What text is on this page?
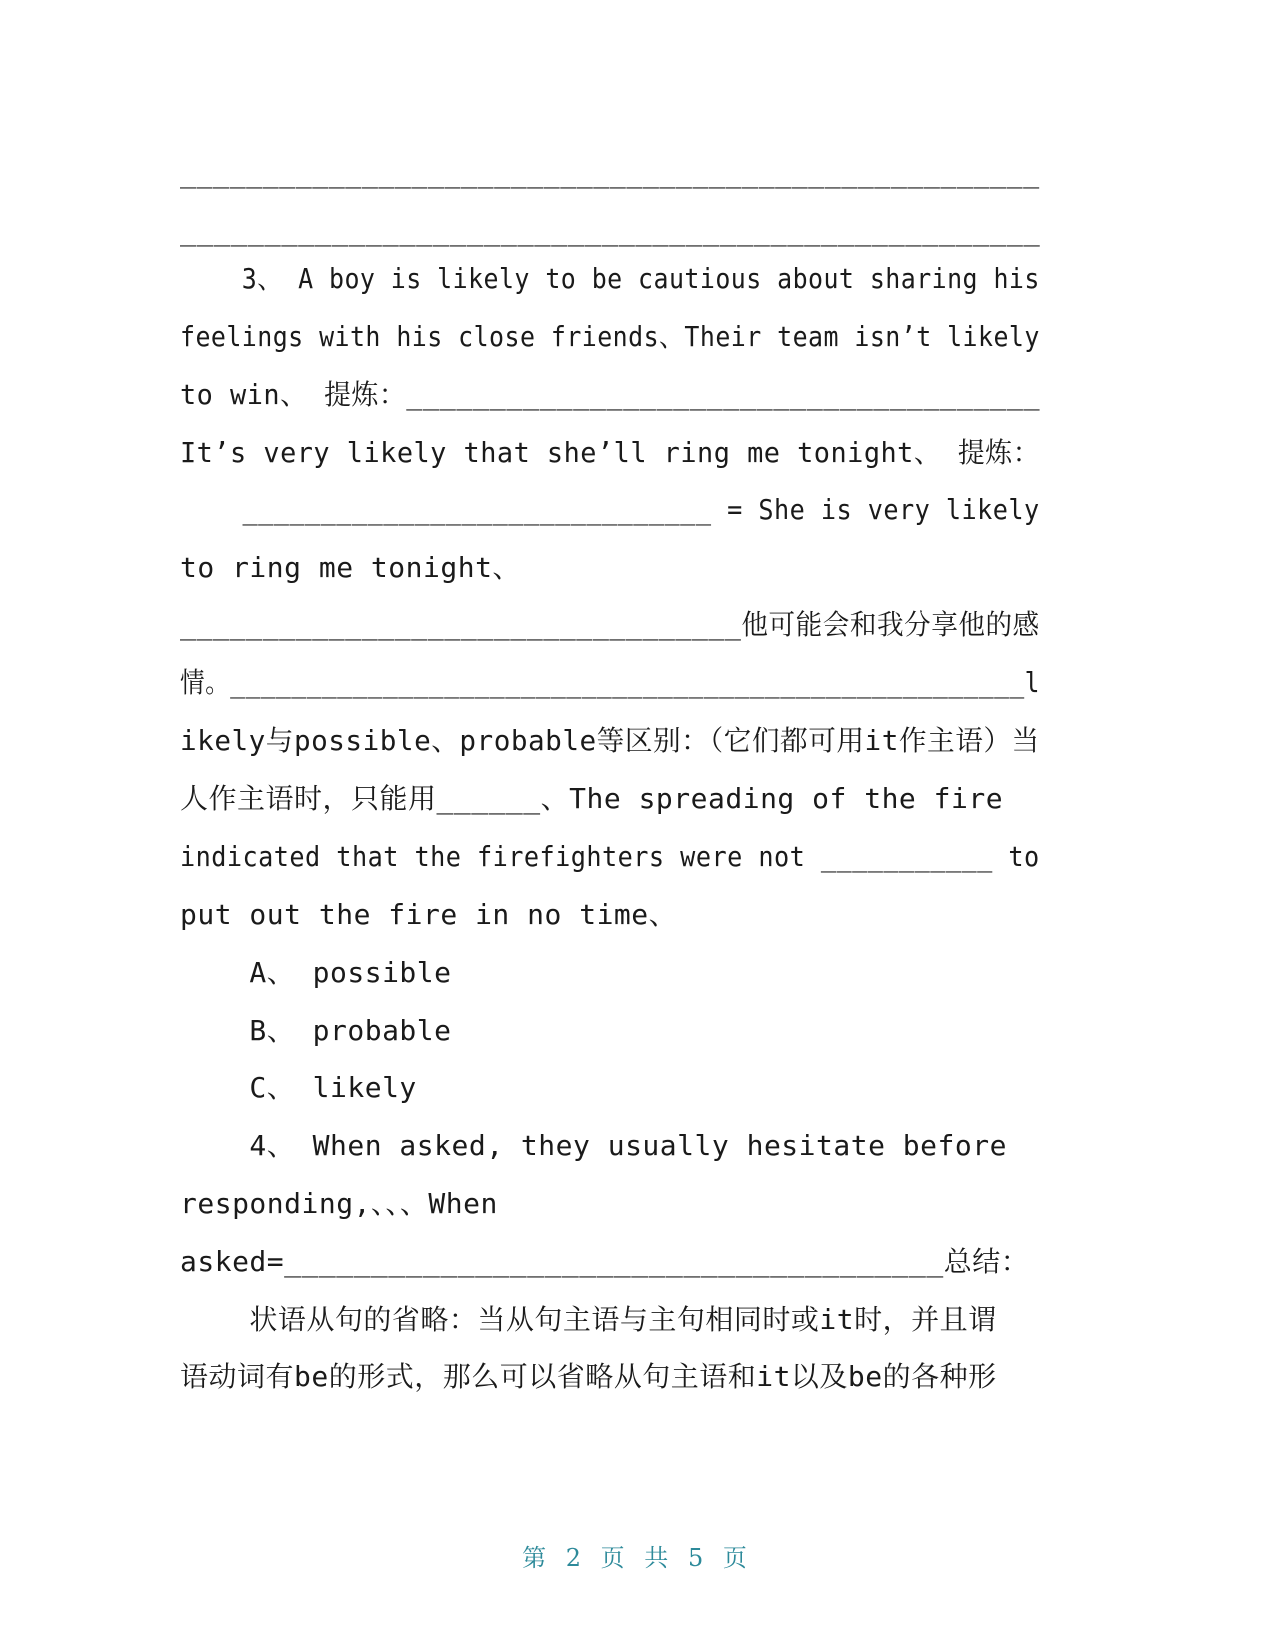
____________________________________________________
___________________________________________________
3、 A boy is likely to be cautious about sharing his
feelings with his close friends、Their team isn’t likely
to win、 提炼：______________________________________
It’s very likely that she’ll ring me tonight、 提炼：
______________________________ = She is very likely
to ring me tonight、
__________________________________他可能会和我分享他的感
情。____________________________________________________l
ikely与possible、probable等区别：（它们都可用it作主语）当
人作主语时，只能用______、The spreading of the fire
indicated that the firefighters were not ___________ to
put out the fire in no time、
A、 possible
B、 probable
C、 likely
4、 When asked, they usually hesitate before
responding,、、、When
asked=______________________________________总结：
状语从句的省略：当从句主语与主句相同时或it时，并且谓
语动词有be的形式，那么可以省略从句主语和it以及be的各种形
第 2 页 共 5 页
